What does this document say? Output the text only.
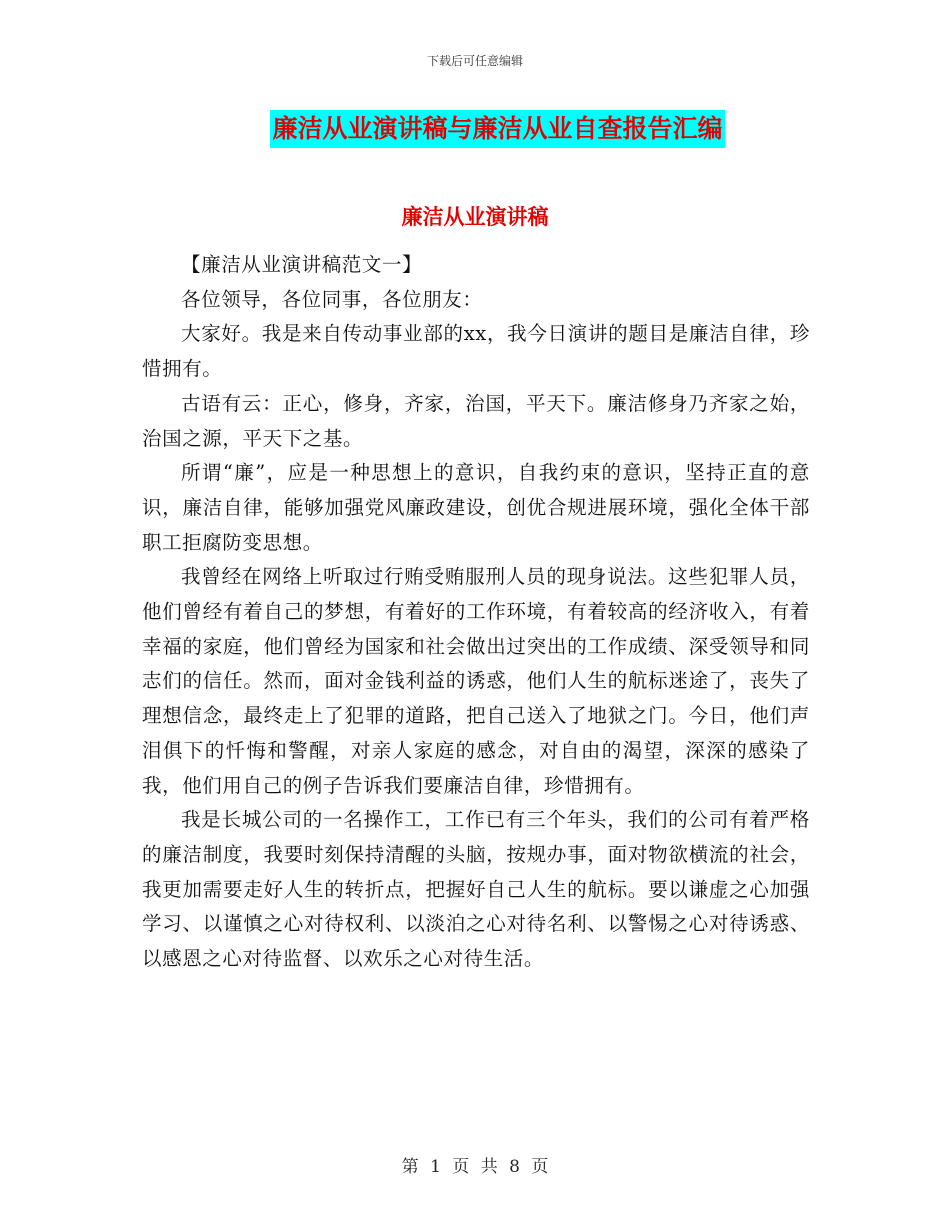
下载后可任意编辑
廉洁从业演讲稿与廉洁从业自查报告汇编
廉洁从业演讲稿

【廉洁从业演讲稿范文一】

各位领导，各位同事，各位朋友：

大家好。我是来自传动事业部的xx，我今日演讲的题目是廉洁自律，珍惜拥有。

古语有云：正心，修身，齐家，治国，平天下。廉洁修身乃齐家之始，治国之源，平天下之基。

所谓“廉”，应是一种思想上的意识，自我约束的意识，坚持正直的意识，廉洁自律，能够加强党风廉政建设，创优合规进展环境，强化全体干部职工拒腐防变思想。

我曾经在网络上听取过行贿受贿服刑人员的现身说法。这些犯罪人员，他们曾经有着自己的梦想，有着好的工作环境，有着较高的经济收入，有着幸福的家庭，他们曾经为国家和社会做出过突出的工作成绩、深受领导和同志们的信任。然而，面对金钱利益的诱惑，他们人生的航标迷途了，丧失了理想信念，最终走上了犯罪的道路，把自己送入了地狱之门。今日，他们声泪俱下的忏悔和警醒，对亲人家庭的感念，对自由的渴望，深深的感染了我，他们用自己的例子告诉我们要廉洁自律，珍惜拥有。

我是长城公司的一名操作工，工作已有三个年头，我们的公司有着严格的廉洁制度，我要时刻保持清醒的头脑，按规办事，面对物欲横流的社会，我更加需要走好人生的转折点，把握好自己人生的航标。要以谦虚之心加强学习、以谨慎之心对待权利、以淡泊之心对待名利、以警惕之心对待诱惑、以感恩之心对待监督、以欢乐之心对待生活。

第 1 页 共 8 页
